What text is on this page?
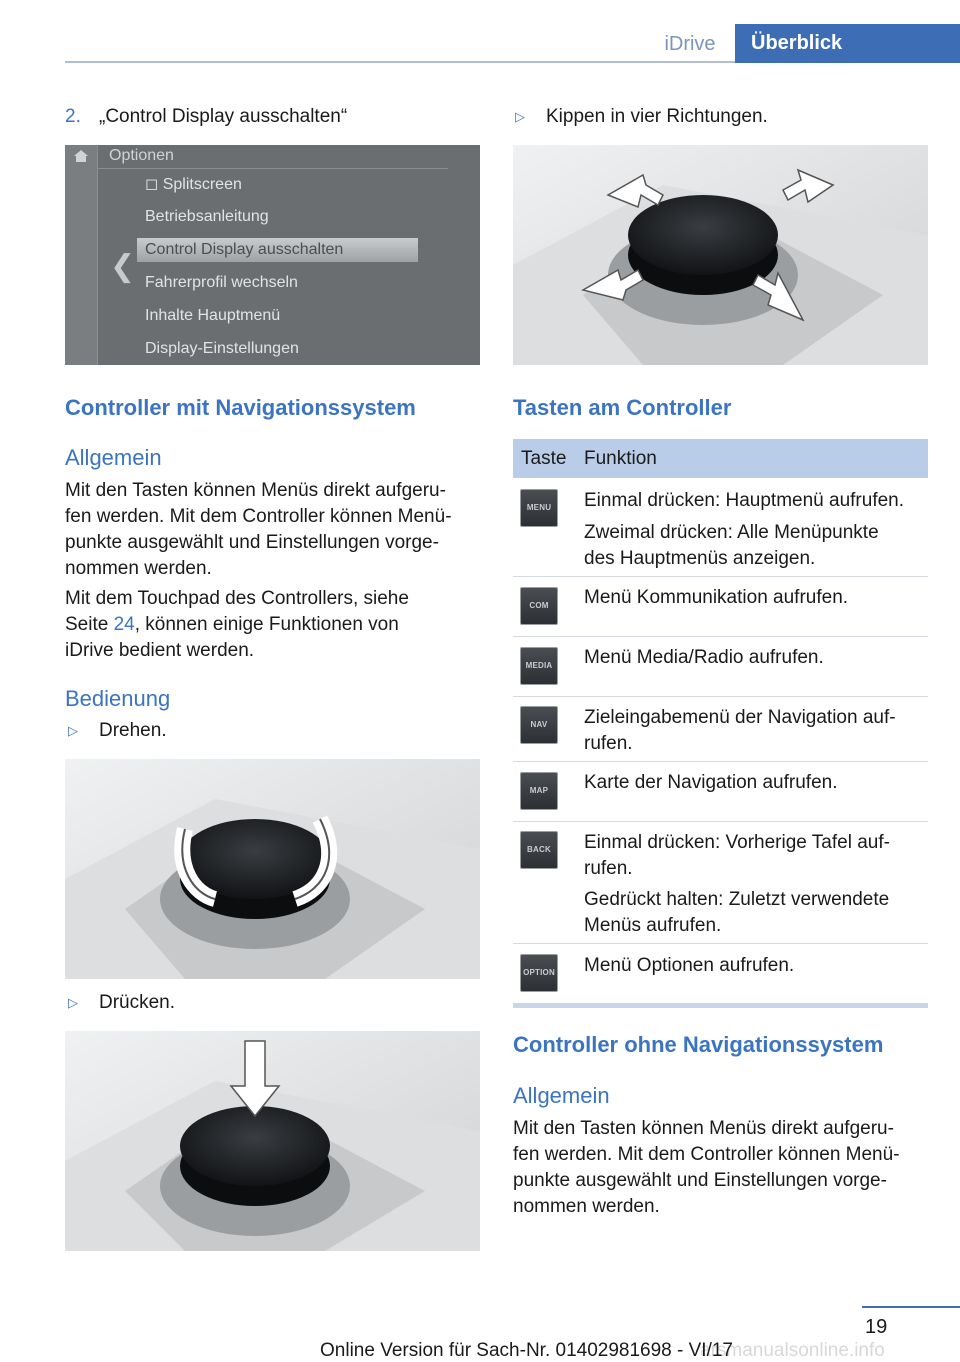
iDrive	Überblick
2. „Control Display ausschalten“
Optionen
❮
◻ Splitscreen
Betriebsanleitung
Control Display ausschalten
Fahrerprofil wechseln
Inhalte Hauptmenü
Display-Einstellungen
Controller mit Navigationssystem
Allgemein
Mit den Tasten können Menüs direkt aufgeru-
fen werden. Mit dem Controller können Menü-
punkte ausgewählt und Einstellungen vorge-
nommen werden.
Mit dem Touchpad des Controllers, siehe
Seite 24, können einige Funktionen von
iDrive bedient werden.
Bedienung
▷ Drehen.
▷ Drücken.
▷ Kippen in vier Richtungen.
Tasten am Controller
Taste Funktion
MENU	Einmal drücken: Hauptmenü aufrufen.
Zweimal drücken: Alle Menüpunkte
des Hauptmenüs anzeigen.
COM	Menü Kommunikation aufrufen.
MEDIA Menü Media/Radio aufrufen.
NAV	Zieleingabemenü der Navigation auf-
rufen.
MAP	Karte der Navigation aufrufen.
BACK	Einmal drücken: Vorherige Tafel auf-
rufen.
Gedrückt halten: Zuletzt verwendete
Menüs aufrufen.
OPTION Menü Optionen aufrufen.
Controller ohne Navigationssystem
Allgemein
Mit den Tasten können Menüs direkt aufgeru-
fen werden. Mit dem Controller können Menü-
punkte ausgewählt und Einstellungen vorge-
nommen werden.
19
arsmanualsonline.info
Online Version für Sach-Nr. 01402981698 - VI/17
